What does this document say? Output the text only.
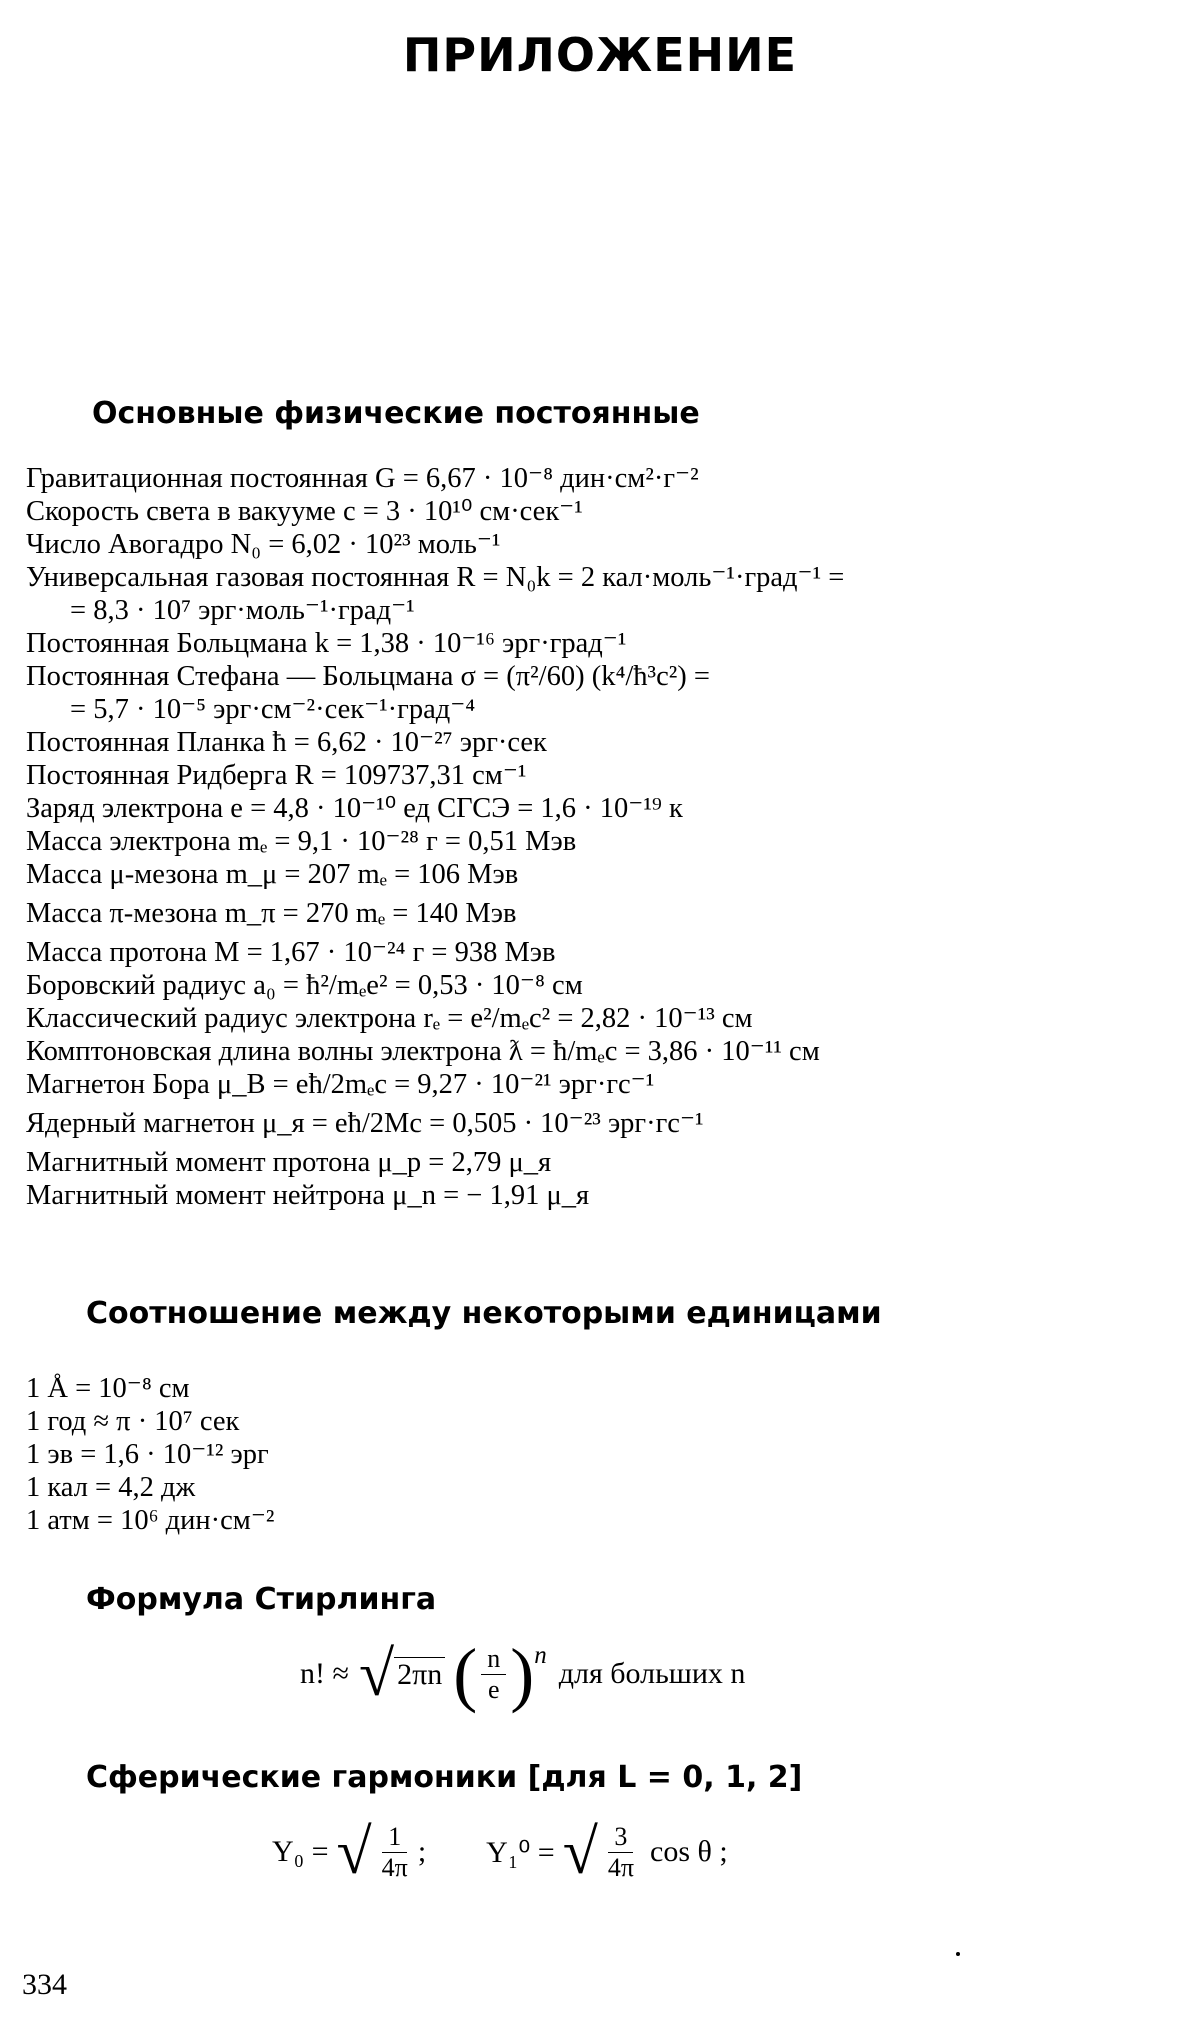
ПРИЛОЖЕНИЕ
Основные физические постоянные
Гравитационная постоянная G = 6,67 · 10⁻⁸ дин·см²·г⁻²
Скорость света в вакууме c = 3 · 10¹⁰ см·сек⁻¹
Число Авогадро N₀ = 6,02 · 10²³ моль⁻¹
Универсальная газовая постоянная R = N₀k = 2 кал·моль⁻¹·град⁻¹ =
= 8,3 · 10⁷ эрг·моль⁻¹·град⁻¹
Постоянная Больцмана k = 1,38 · 10⁻¹⁶ эрг·град⁻¹
Постоянная Стефана — Больцмана σ = (π²/60) (k⁴/ħ³c²) =
= 5,7 · 10⁻⁵ эрг·см⁻²·сек⁻¹·град⁻⁴
Постоянная Планка ħ = 6,62 · 10⁻²⁷ эрг·сек
Постоянная Ридберга R = 109737,31 см⁻¹
Заряд электрона e = 4,8 · 10⁻¹⁰ ед СГСЭ = 1,6 · 10⁻¹⁹ к
Масса электрона mₑ = 9,1 · 10⁻²⁸ г = 0,51 Мэв
Масса μ-мезона m_μ = 207 mₑ = 106 Мэв
Масса π-мезона m_π = 270 mₑ = 140 Мэв
Масса протона M = 1,67 · 10⁻²⁴ г = 938 Мэв
Боровский радиус a₀ = ħ²/mₑe² = 0,53 · 10⁻⁸ см
Классический радиус электрона rₑ = e²/mₑc² = 2,82 · 10⁻¹³ см
Комптоновская длина волны электрона ƛ = ħ/mₑc = 3,86 · 10⁻¹¹ см
Магнетон Бора μ_B = eħ/2mₑc = 9,27 · 10⁻²¹ эрг·гс⁻¹
Ядерный магнетон μ_я = eħ/2Mc = 0,505 · 10⁻²³ эрг·гс⁻¹
Магнитный момент протона μ_p = 2,79 μ_я
Магнитный момент нейтрона μ_n = − 1,91 μ_я
Соотношение между некоторыми единицами
1 Å = 10⁻⁸ см
1 год ≈ π · 10⁷ сек
1 эв = 1,6 · 10⁻¹² эрг
1 кал = 4,2 дж
1 атм = 10⁶ дин·см⁻²
Формула Стирлинга
n! ≈ √ 2πn ( $\frac{n}{e} )^n$
для больших n
Сферические гармоники [для L = 0, 1, 2]
Y₀ = √ $\frac{1}{4\pi}$ ; Y₁⁰ = √ $\frac{3}{4\pi}$ cos θ ;
334
